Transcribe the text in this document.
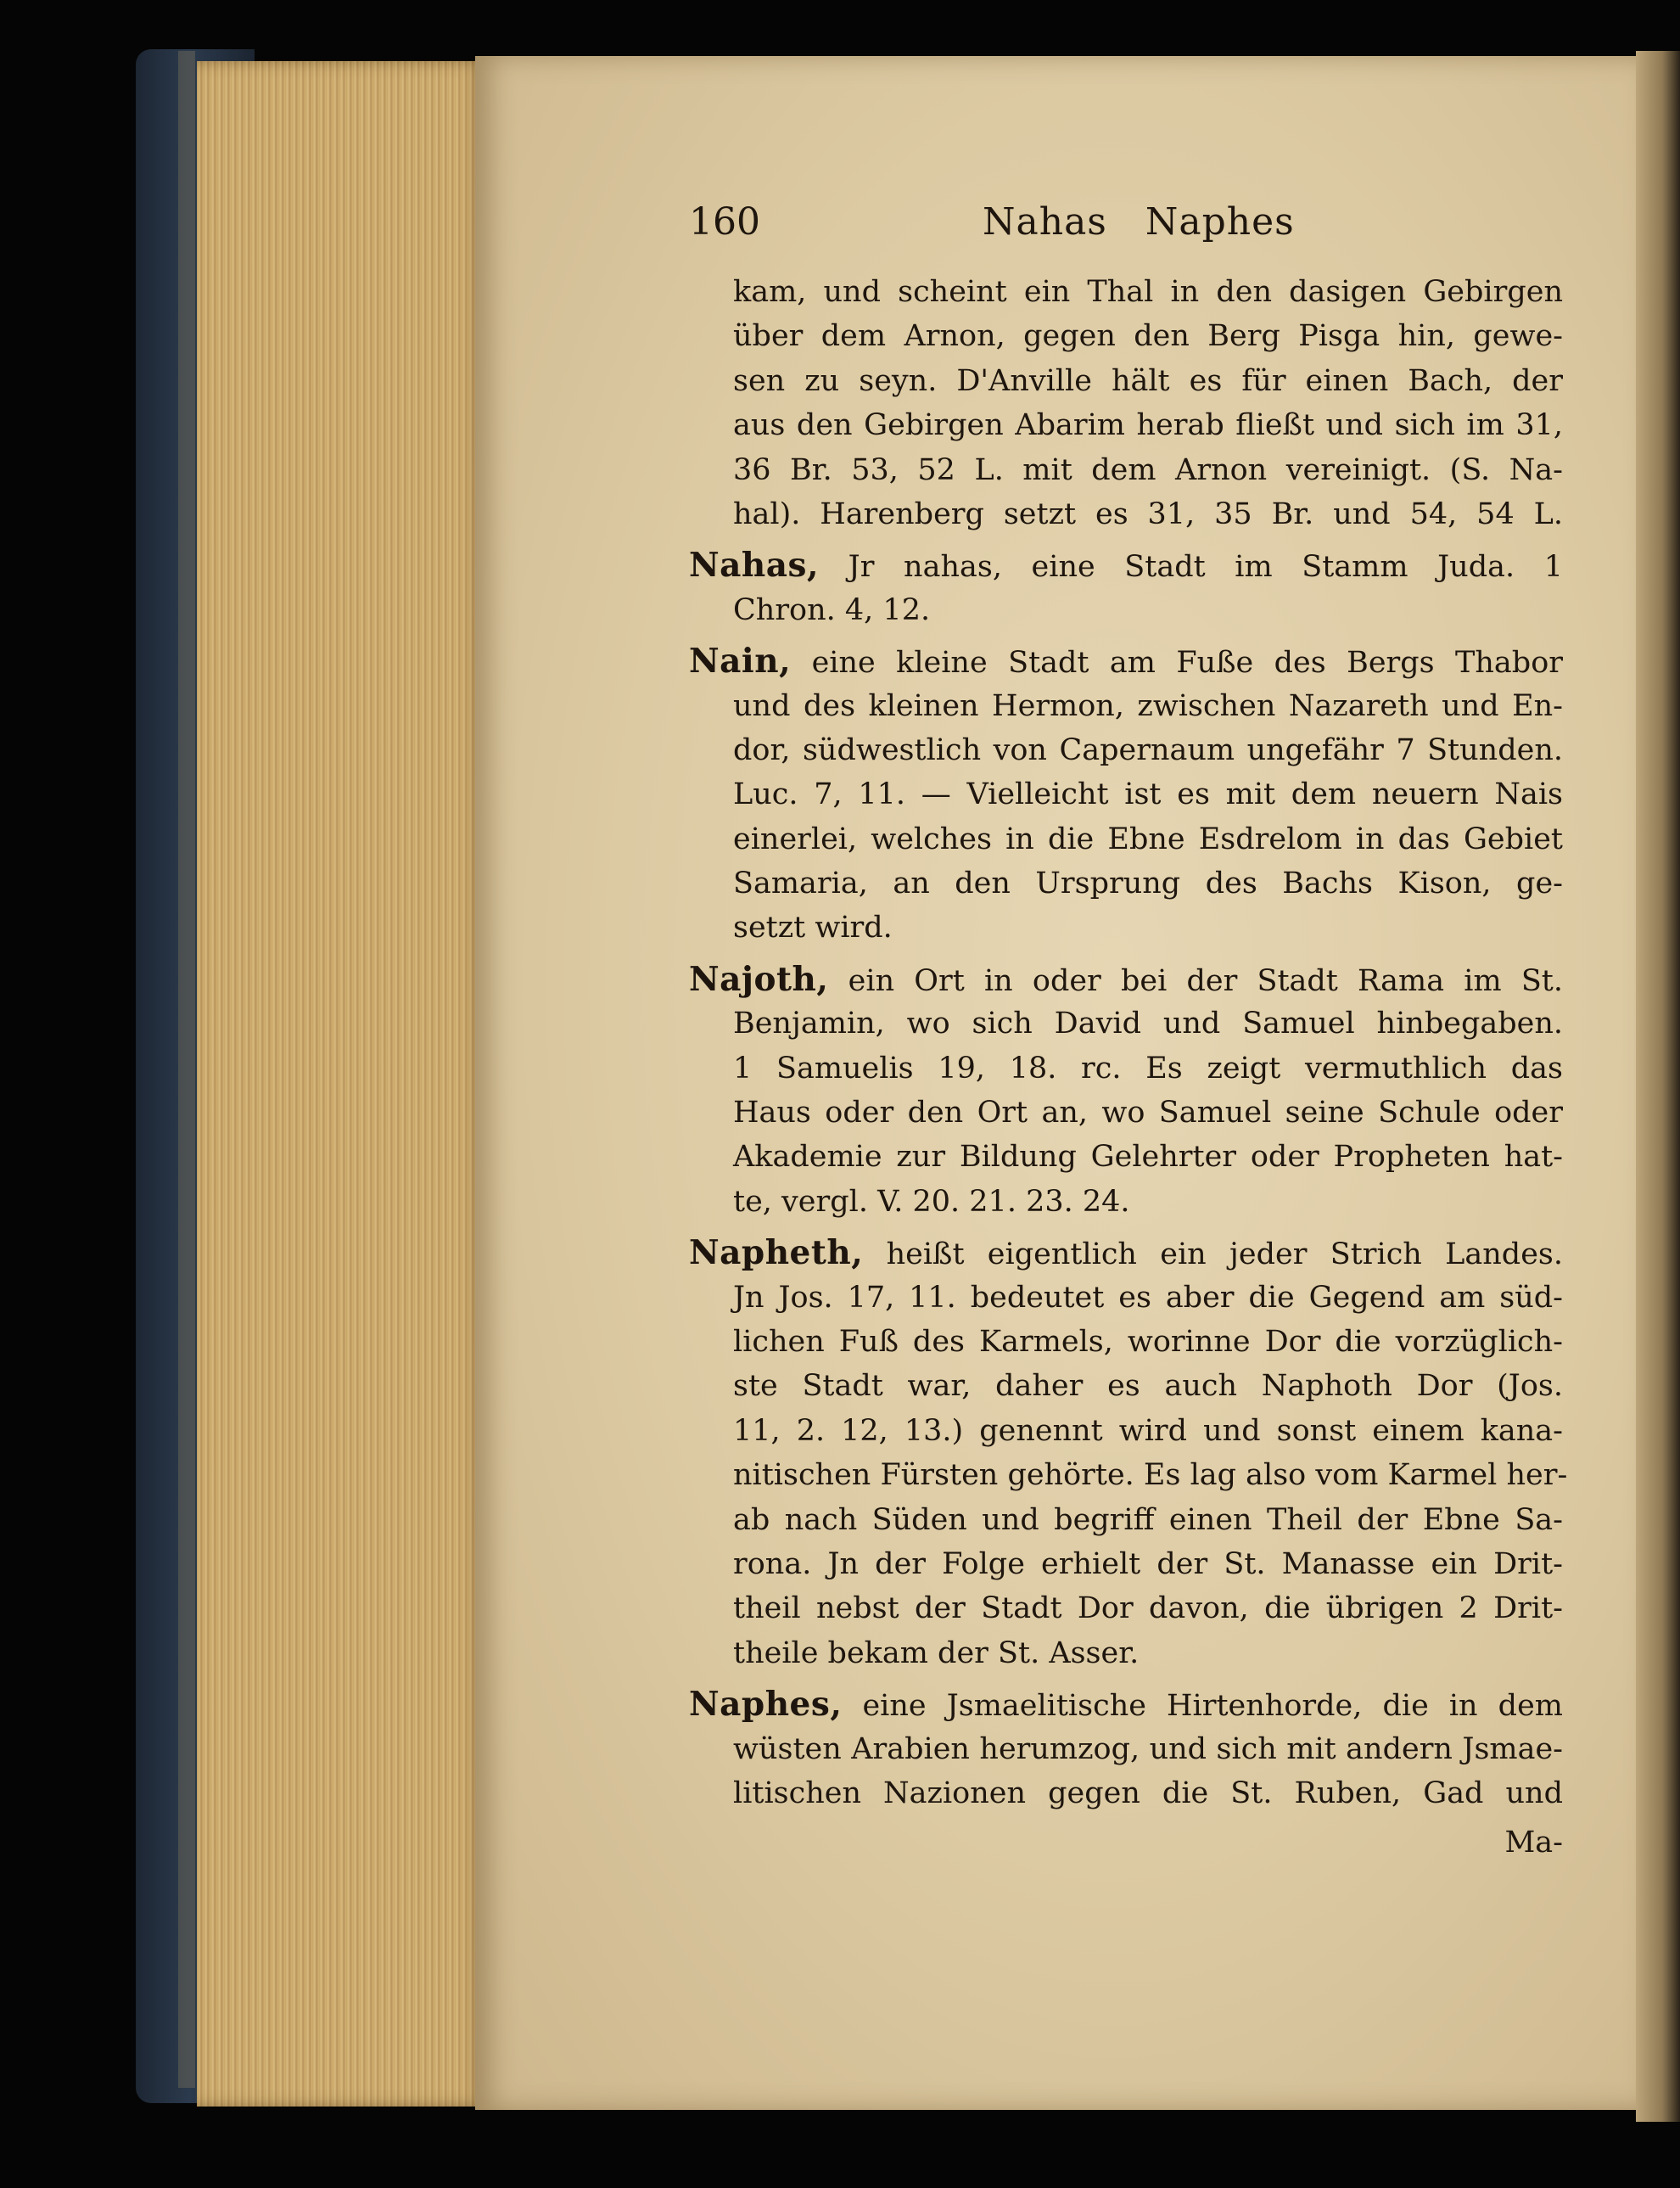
160	Nahas   Naphes
kam, und scheint ein Thal in den dasigen Gebirgen
über dem Arnon, gegen den Berg Pisga hin, gewe-
sen zu seyn. D'Anville hält es für einen Bach, der
aus den Gebirgen Abarim herab fließt und sich im 31,
36 Br. 53, 52 L. mit dem Arnon vereinigt. (S. Na-
hal). Harenberg setzt es 31, 35 Br. und 54, 54 L.
Nahas, Jr nahas, eine Stadt im Stamm Juda. 1
Chron. 4, 12.
Nain, eine kleine Stadt am Fuße des Bergs Thabor
und des kleinen Hermon, zwischen Nazareth und En-
dor, südwestlich von Capernaum ungefähr 7 Stunden.
Luc. 7, 11. — Vielleicht ist es mit dem neuern Nais
einerlei, welches in die Ebne Esdrelom in das Gebiet
Samaria, an den Ursprung des Bachs Kison, ge-
setzt wird.
Najoth, ein Ort in oder bei der Stadt Rama im St.
Benjamin, wo sich David und Samuel hinbegaben.
1 Samuelis 19, 18. rc. Es zeigt vermuthlich das
Haus oder den Ort an, wo Samuel seine Schule oder
Akademie zur Bildung Gelehrter oder Propheten hat-
te, vergl. V. 20. 21. 23. 24.
Napheth, heißt eigentlich ein jeder Strich Landes.
Jn Jos. 17, 11. bedeutet es aber die Gegend am süd-
lichen Fuß des Karmels, worinne Dor die vorzüglich-
ste Stadt war, daher es auch Naphoth Dor (Jos.
11, 2. 12, 13.) genennt wird und sonst einem kana-
nitischen Fürsten gehörte. Es lag also vom Karmel her-
ab nach Süden und begriff einen Theil der Ebne Sa-
rona. Jn der Folge erhielt der St. Manasse ein Drit-
theil nebst der Stadt Dor davon, die übrigen 2 Drit-
theile bekam der St. Asser.
Naphes, eine Jsmaelitische Hirtenhorde, die in dem
wüsten Arabien herumzog, und sich mit andern Jsmae-
litischen Nazionen gegen die St. Ruben, Gad und
Ma-
